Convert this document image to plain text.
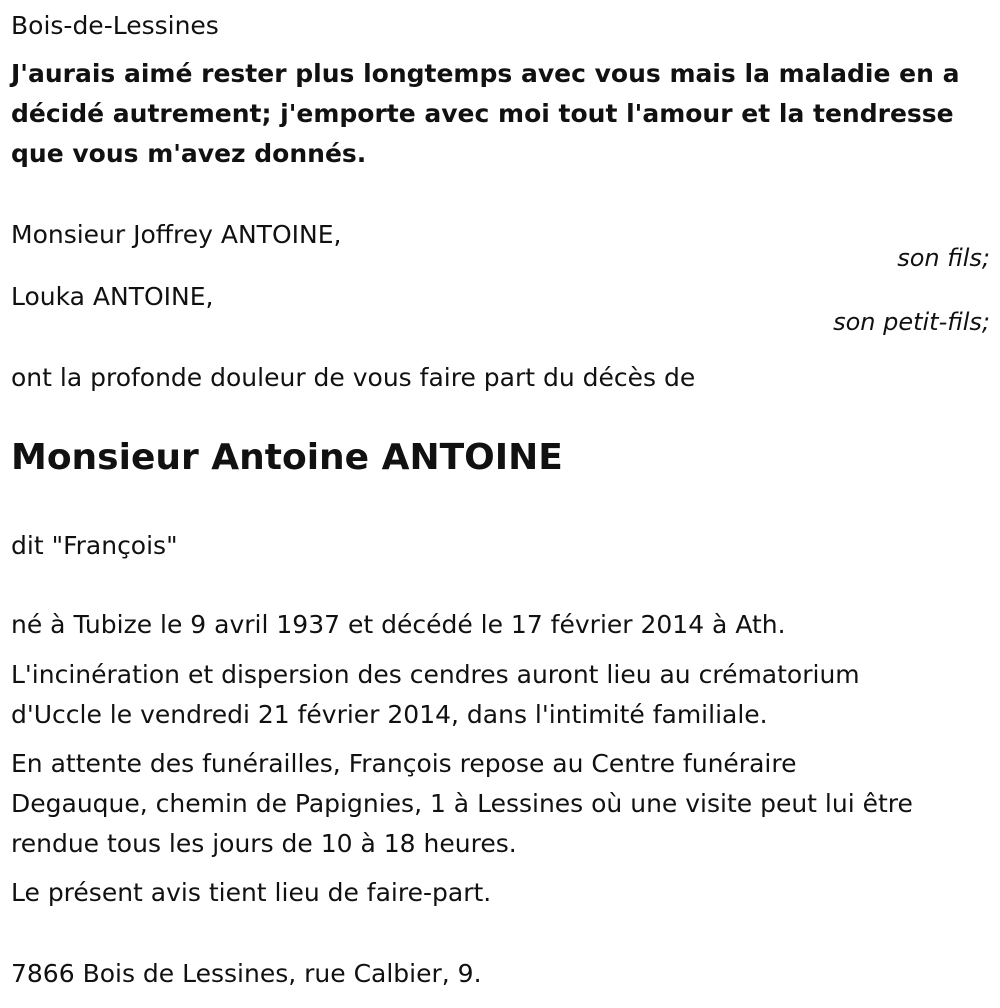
Bois-de-Lessines

J'aurais aimé rester plus longtemps avec vous mais la maladie en a

décidé autrement; j'emporte avec moi tout l'amour et la tendresse

que vous m'avez donnés.

Monsieur Joffrey ANTOINE,

son fils;

Louka ANTOINE,

son petit-fils;

ont la profonde douleur de vous faire part du décès de

Monsieur Antoine ANTOINE

dit "François"

né à Tubize le 9 avril 1937 et décédé le 17 février 2014 à Ath.

L'incinération et dispersion des cendres auront lieu au crématorium

d'Uccle le vendredi 21 février 2014, dans l'intimité familiale.

En attente des funérailles, François repose au Centre funéraire

Degauque, chemin de Papignies, 1 à Lessines où une visite peut lui être

rendue tous les jours de 10 à 18 heures.

Le présent avis tient lieu de faire-part.

7866 Bois de Lessines, rue Calbier, 9.
